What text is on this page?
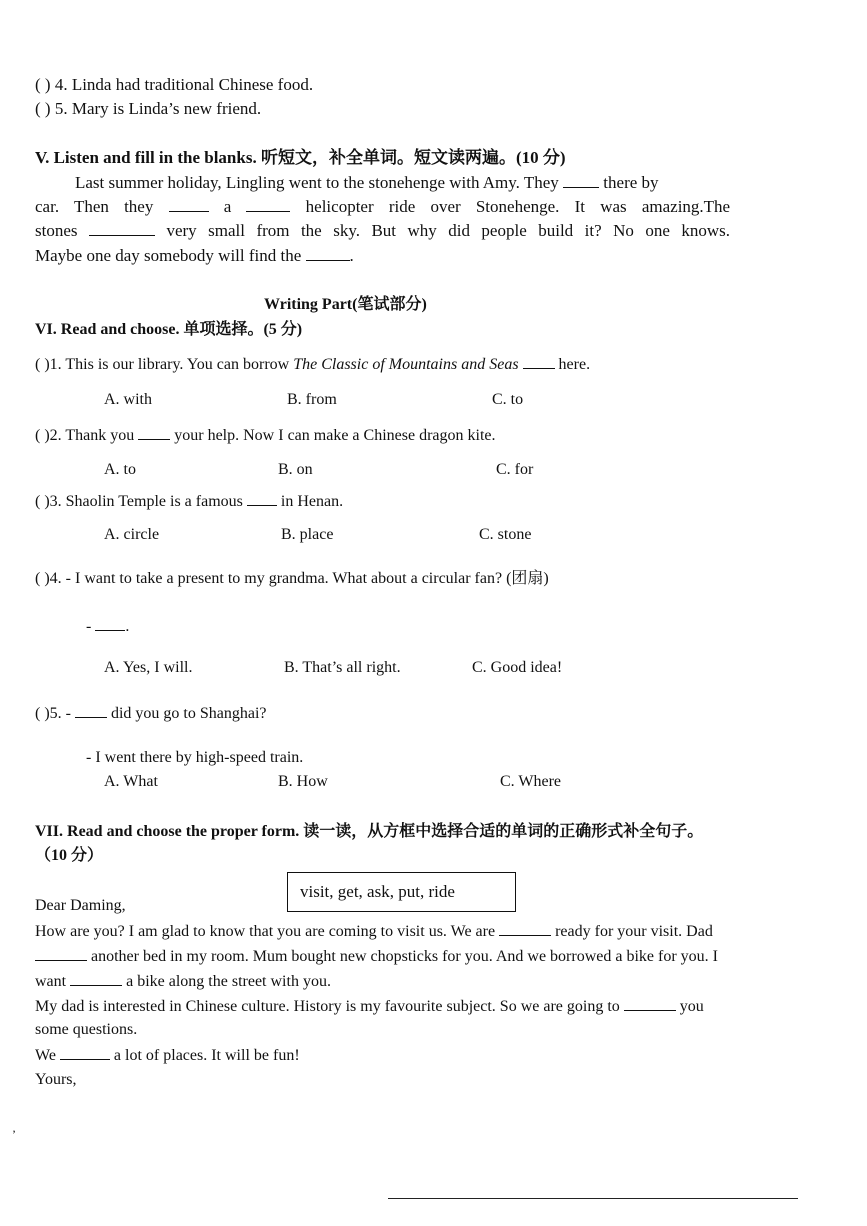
( ) 4. Linda had traditional Chinese food.
( ) 5. Mary is Linda’s new friend.
V. Listen and fill in the blanks. 听短文，补全单词。短文读两遍。(10 分)
Last summer holiday, Lingling went to the stonehenge with Amy. They	there by
car. Then they	a	helicopter ride over Stonehenge. It was amazing.The
stones	very small from the sky. But why did people build it? No one knows.
Maybe one day somebody will find the	.
Writing Part(笔试部分)
VI. Read and choose. 单项选择。(5 分)
( )1. This is our library. You can borrow The Classic of Mountains and Seas	here.
A. with	B. from	C. to
( )2. Thank you	your help. Now I can make a Chinese dragon kite.
A. to	B. on	C. for
( )3. Shaolin Temple is a famous in Henan.
A. circle	B. place	C. stone
( )4. - I want to take a present to my grandma. What about a circular fan? (团扇)
- .
A. Yes, I will.	B. That’s all right.	C. Good idea!
( )5. -	did you go to Shanghai?
- I went there by high-speed train.
A. What	B. How	C. Where
VII. Read and choose the proper form. 读一读，从方框中选择合适的单词的正确形式补全句子。
（10 分）
visit, get, ask, put, ride
Dear Daming,
How are you? I am glad to know that you are coming to visit us. We are	ready for your visit. Dad
another bed in my room. Mum bought new chopsticks for you. And we borrowed a bike for you. I
want	a bike along the street with you.
My dad is interested in Chinese culture. History is my favourite subject. So we are going to	you
some questions.
We	a lot of places. It will be fun!
Yours,
’
